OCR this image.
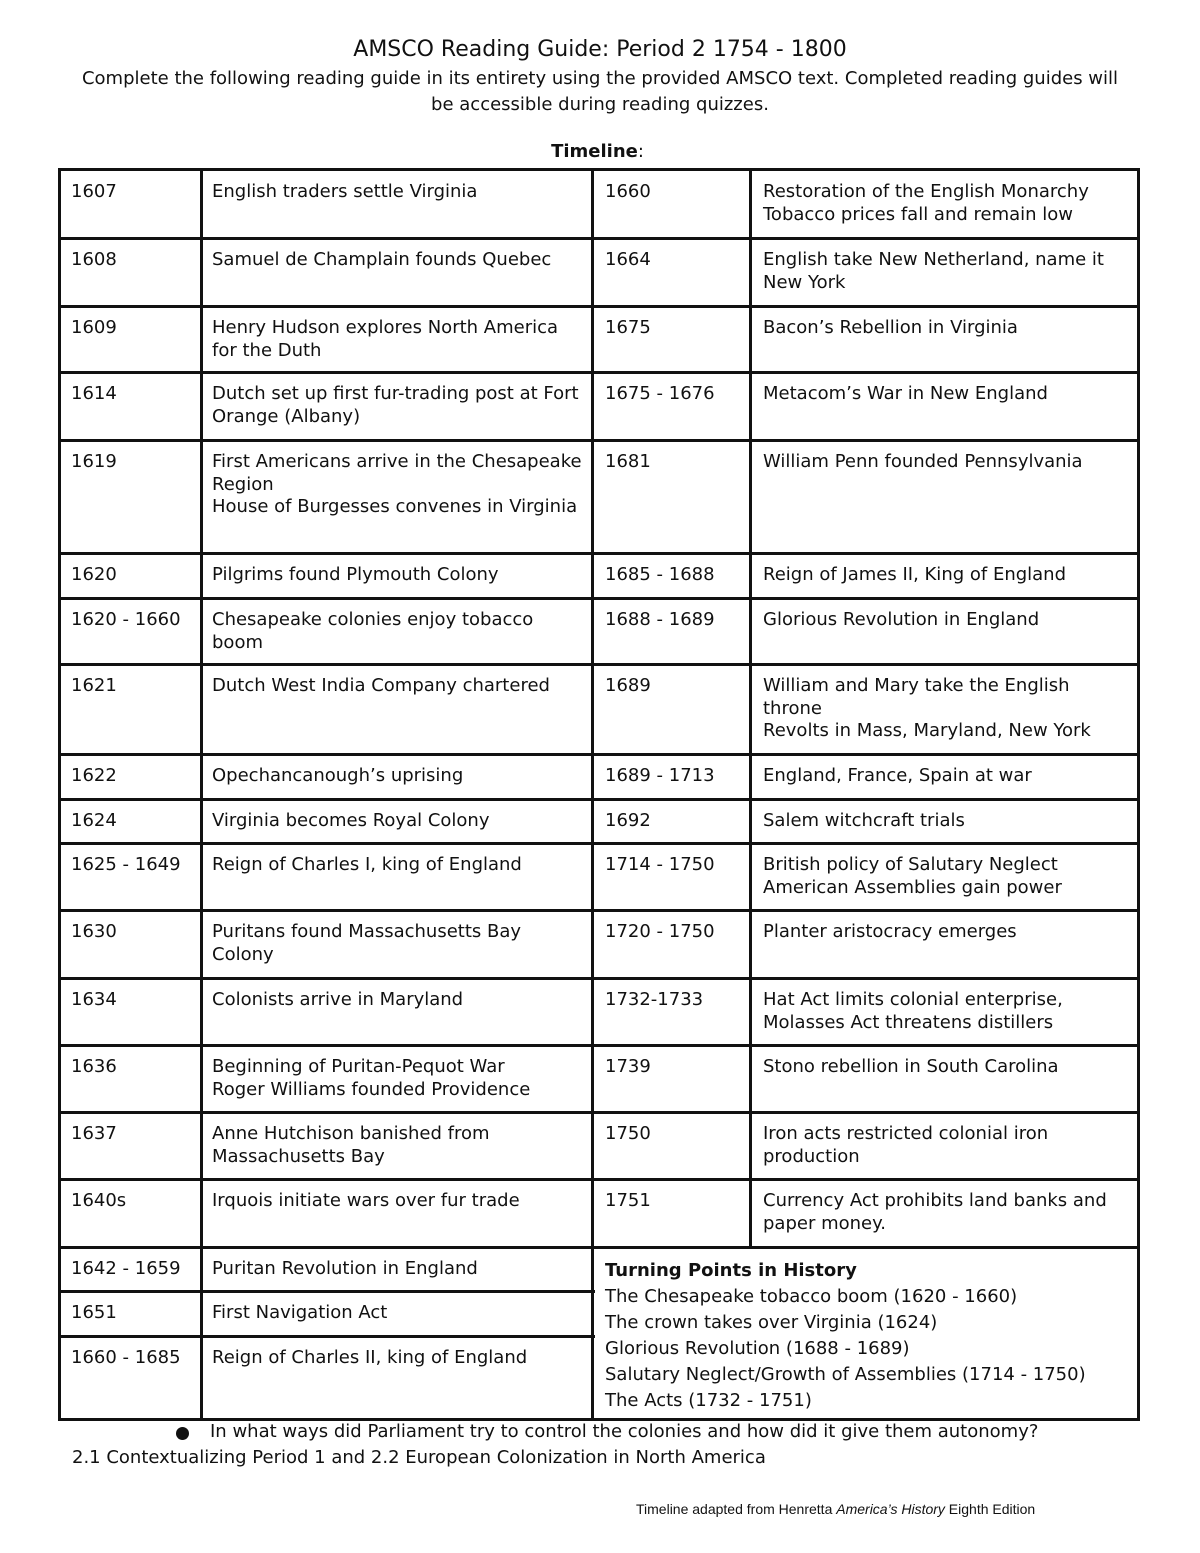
AMSCO Reading Guide: Period 2 1754 - 1800
Complete the following reading guide in its entirety using the provided AMSCO text. Completed reading guides will be accessible during reading quizzes.
Timeline:
Turning Points in History
The Chesapeake tobacco boom (1620 - 1660)
The crown takes over Virginia (1624)
Glorious Revolution (1688 - 1689)
Salutary Neglect/Growth of Assemblies (1714 - 1750)
The Acts (1732 - 1751)
1607	English traders settle Virginia
1608	Samuel de Champlain founds Quebec
1609	Henry Hudson explores North America for the Duth
1614	Dutch set up first fur-trading post at Fort Orange (Albany)
1619	First Americans arrive in the Chesapeake Region
House of Burgesses convenes in Virginia
1620	Pilgrims found Plymouth Colony
1620 - 1660	Chesapeake colonies enjoy tobacco boom
1621	Dutch West India Company chartered
1622	Opechancanough’s uprising
1624	Virginia becomes Royal Colony
1625 - 1649	Reign of Charles I, king of England
1630	Puritans found Massachusetts Bay Colony
1634	Colonists arrive in Maryland
1636	Beginning of Puritan-Pequot War
Roger Williams founded Providence
1637	Anne Hutchison banished from Massachusetts Bay
1640s	Irquois initiate wars over fur trade
1642 - 1659	Puritan Revolution in England
1651	First Navigation Act
1660 - 1685	Reign of Charles II, king of England
1660	Restoration of the English Monarchy
Tobacco prices fall and remain low
1664	English take New Netherland, name it New York
1675	Bacon’s Rebellion in Virginia
1675 - 1676	Metacom’s War in New England
1681	William Penn founded Pennsylvania
1685 - 1688	Reign of James II, King of England
1688 - 1689	Glorious Revolution in England
1689	William and Mary take the English throne
Revolts in Mass, Maryland, New York
1689 - 1713	England, France, Spain at war
1692	Salem witchcraft trials
1714 - 1750	British policy of Salutary Neglect
American Assemblies gain power
1720 - 1750	Planter aristocracy emerges
1732-1733	Hat Act limits colonial enterprise, Molasses Act threatens distillers
1739	Stono rebellion in South Carolina
1750	Iron acts restricted colonial iron production
1751	Currency Act prohibits land banks and paper money.
In what ways did Parliament try to control the colonies and how did it give them autonomy?
2.1 Contextualizing Period 1 and 2.2 European Colonization in North America
Timeline adapted from Henretta America’s History Eighth Edition
